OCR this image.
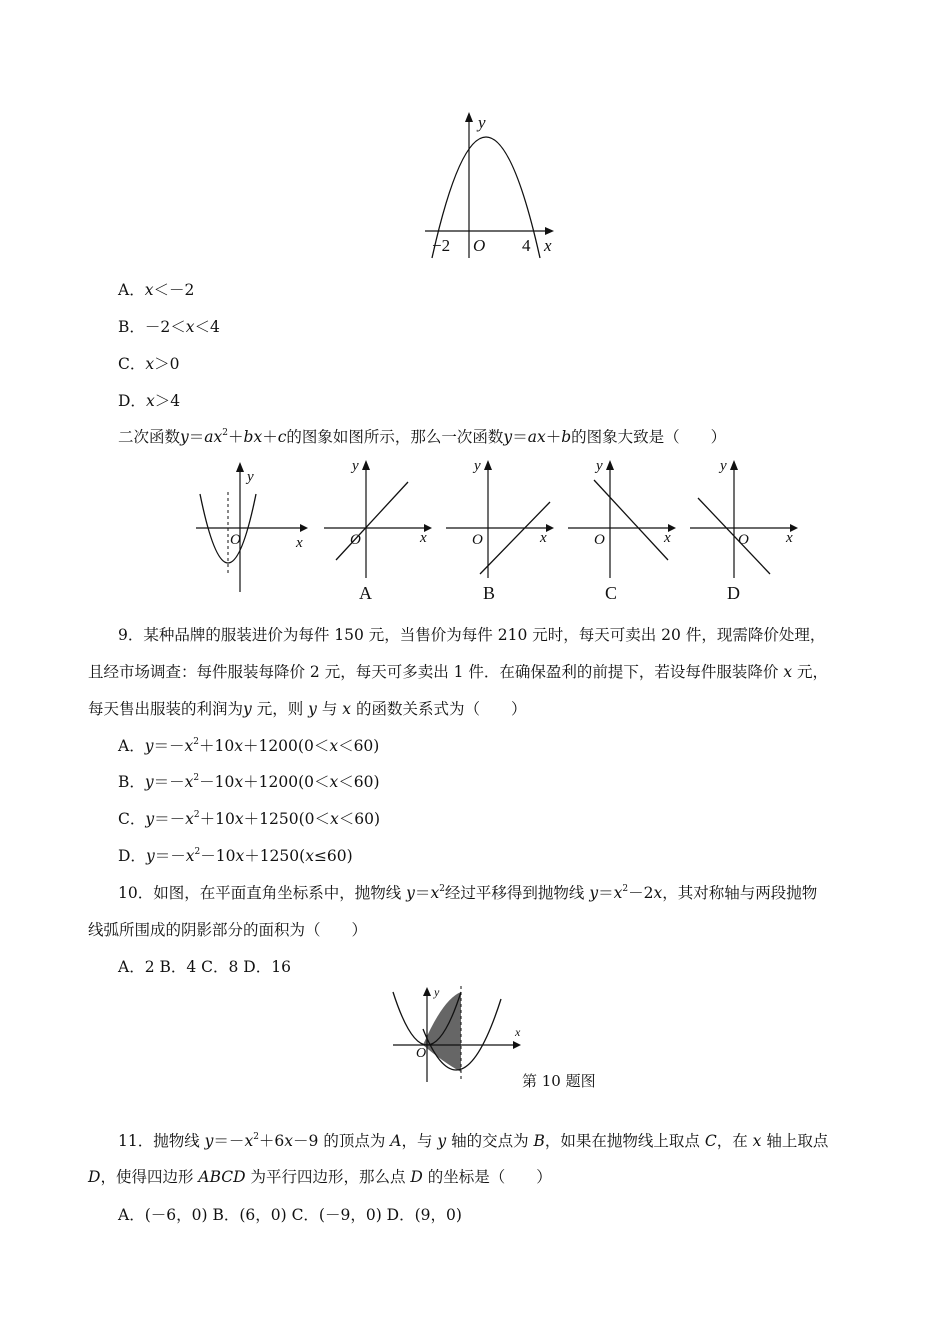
y
x
−2 O 4
A．x＜－2
B．－2＜x＜4
C．x＞0
D．x＞4
二次函数$y=ax^2+bx+c$的图象如图所示，那么一次函数y＝ax＋b的图象大致是（　　）
y
x
O
y
x
O
A
y
x
O
B
y
x
O
C
y
x
O
D
9．某种品牌的服装进价为每件 150 元，当售价为每件 210 元时，每天可卖出 20 件，现需降价处理，
且经市场调查：每件服装每降价 2 元，每天可多卖出 1 件．在确保盈利的前提下，若设每件服装降价 x 元，
每天售出服装的利润为y 元，则 y 与 x 的函数关系式为（　　）
A．$y=-x^2+10x+1200(0<x<60)$
B．$y=-x^2-10x+1200(0<x<60)$
C．$y=-x^2+10x+1250(0<x<60)$
D．$y=-x^2-10x+1250(x\le 60)$
10．如图，在平面直角坐标系中，抛物线 $y=x^2$经过平移得到抛物线 $y=x^2-2x$，其对称轴与两段抛物
线弧所围成的阴影部分的面积为（　　）
A．2 B．4 C．8 D．16
y
x
O
第 10 题图
11．抛物线 $y=-x^2+6x-9$ 的顶点为 A，与 y 轴的交点为 B，如果在抛物线上取点 C，在 x 轴上取点
D，使得四边形 ABCD 为平行四边形，那么点 D 的坐标是（　　）
A．(－6，0) B．(6，0) C．(－9，0) D．(9，0)
